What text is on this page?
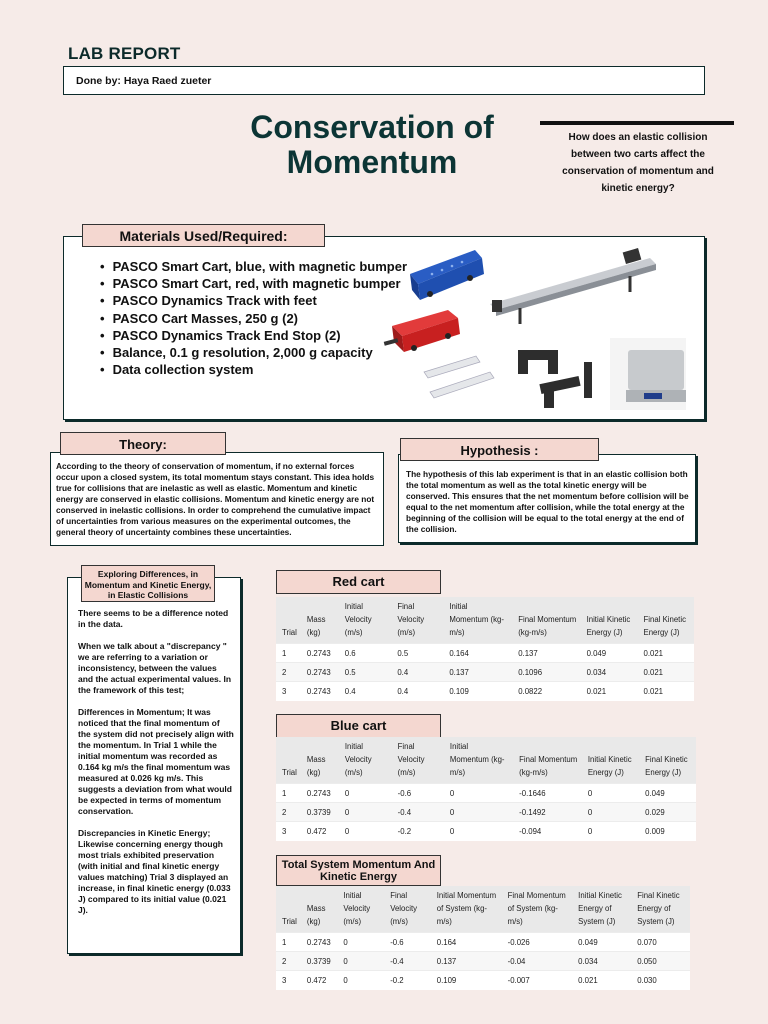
LAB REPORT
Done by: Haya Raed zueter
Conservation of
Momentum
How does an elastic collision between two carts affect the conservation of momentum and kinetic energy?
Materials Used/Required:
• PASCO Smart Cart, blue, with magnetic bumper
• PASCO Smart Cart, red, with magnetic bumper
• PASCO Dynamics Track with feet
• PASCO Cart Masses, 250 g (2)
• PASCO Dynamics Track End Stop (2)
• Balance, 0.1 g resolution, 2,000 g capacity
• Data collection system
According to the theory of conservation of momentum, if no external forces occur upon a closed system, its total momentum stays constant. This idea holds true for collisions that are inelastic as well as elastic. Momentum and kinetic energy are conserved in elastic collisions. Momentum and kinetic energy are not conserved in inelastic collisions. In order to comprehend the cumulative impact of uncertainties from various measures on the experimental outcomes, the general theory of uncertainty combines these uncertainties.
Theory:
The hypothesis of this lab experiment is that in an elastic collision both the total momentum as well as the total kinetic energy will be conserved. This ensures that the net momentum before collision will be equal to the net momentum after collision, while the total energy at the beginning of the collision will be equal to the total energy at the end of the collision.
Hypothesis :

There seems to be a difference noted in the data.

When we talk about a "discrepancy " we are referring to a variation or inconsistency, between the values and the actual experimental values. In the framework of this test;

Differences in Momentum; It was noticed that the final momentum of the system did not precisely align with the momentum. In Trial 1 while the initial momentum was recorded as 0.164 kg m/s the final momentum was measured at 0.026 kg m/s. This suggests a deviation from what would be expected in terms of momentum conservation.

Discrepancies in Kinetic Energy; Likewise concerning energy though most trials exhibited preservation (with initial and final kinetic energy values matching) Trial 3 displayed an increase, in final kinetic energy (0.033 J) compared to its initial value (0.021 J).

Exploring Differences, in Momentum and Kinetic Energy, in Elastic Collisions
Red cart
Trial	Mass (kg)	Initial Velocity (m/s)	Final Velocity (m/s)	Initial Momentum (kg-m/s)	Final Momentum (kg-m/s)	Initial Kinetic Energy (J)	Final Kinetic Energy (J)
1	0.2743	0.6	0.5	0.164	0.137	0.049	0.021
2	0.2743	0.5	0.4	0.137	0.1096	0.034	0.021
3	0.2743	0.4	0.4	0.109	0.0822	0.021	0.021
Blue cart
Trial	Mass (kg)	Initial Velocity (m/s)	Final Velocity (m/s)	Initial Momentum (kg-m/s)	Final Momentum (kg-m/s)	Initial Kinetic Energy (J)	Final Kinetic Energy (J)
1	0.2743	0	-0.6	0	-0.1646	0	0.049
2	0.3739	0	-0.4	0	-0.1492	0	0.029
3	0.472	0	-0.2	0	-0.094	0	0.009
Total System Momentum And Kinetic Energy
Trial	Mass (kg)	Initial Velocity (m/s)	Final Velocity (m/s)	Initial Momentum of System (kg-m/s)	Final Momentum of System (kg-m/s)	Initial Kinetic Energy of System (J)	Final Kinetic Energy of System (J)
1	0.2743	0	-0.6	0.164	-0.026	0.049	0.070
2	0.3739	0	-0.4	0.137	-0.04	0.034	0.050
3	0.472	0	-0.2	0.109	-0.007	0.021	0.030
